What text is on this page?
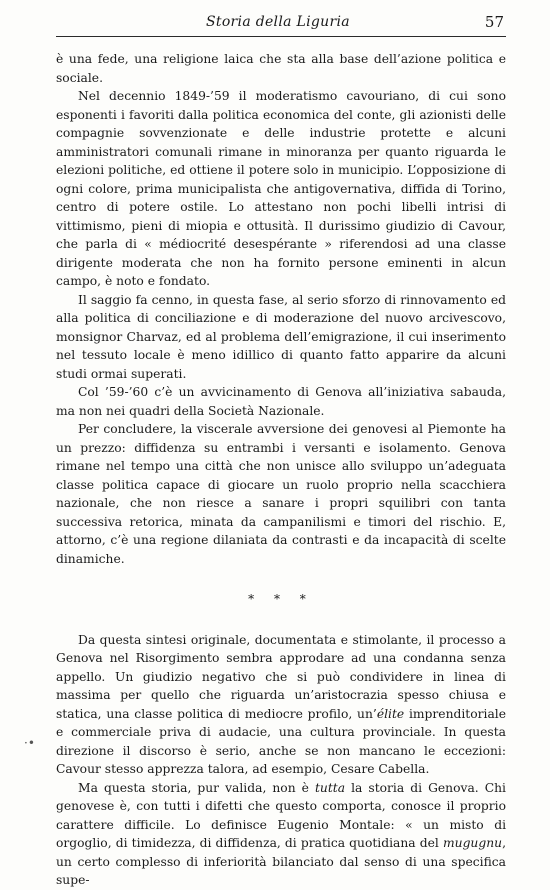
Storia della Liguria	57

è una fede, una religione laica che sta alla base dell’azione politica e sociale.

Nel decennio 1849-’59 il moderatismo cavouriano, di cui sono esponenti i favoriti dalla politica economica del conte, gli azionisti delle compagnie sovvenzionate e delle industrie protette e alcuni amministratori comunali rimane in minoranza per quanto riguarda le elezioni politiche, ed ottiene il potere solo in municipio. L’opposizione di ogni colore, prima municipalista che antigovernativa, diffida di Torino, centro di potere ostile. Lo attestano non pochi libelli intrisi di vittimismo, pieni di miopia e ottusità. Il durissimo giudizio di Cavour, che parla di « médiocrité desespérante » riferendosi ad una classe dirigente moderata che non ha fornito persone eminenti in alcun campo, è noto e fondato.

Il saggio fa cenno, in questa fase, al serio sforzo di rinnovamento ed alla politica di conciliazione e di moderazione del nuovo arcivescovo, monsignor Charvaz, ed al problema dell’emigrazione, il cui inserimento nel tessuto locale è meno idillico di quanto fatto apparire da alcuni studi ormai superati.

Col ’59-’60 c’è un avvicinamento di Genova all’iniziativa sabauda, ma non nei quadri della Società Nazionale.

Per concludere, la viscerale avversione dei genovesi al Piemonte ha un prezzo: diffidenza su entrambi i versanti e isolamento. Genova rimane nel tempo una città che non unisce allo sviluppo un’adeguata classe politica capace di giocare un ruolo proprio nella scacchiera nazionale, che non riesce a sanare i propri squilibri con tanta successiva retorica, minata da campanilismi e timori del rischio. E, attorno, c’è una regione dilaniata da contrasti e da incapacità di scelte dinamiche.

* * *

Da questa sintesi originale, documentata e stimolante, il processo a Genova nel Risorgimento sembra approdare ad una condanna senza appello. Un giudizio negativo che si può condividere in linea di massima per quello che riguarda un’aristocrazia spesso chiusa e statica, una classe politica di mediocre profilo, un’élite imprenditoriale e commerciale priva di audacie, una cultura provinciale. In questa direzione il discorso è serio, anche se non mancano le eccezioni: Cavour stesso apprezza talora, ad esempio, Cesare Cabella.

Ma questa storia, pur valida, non è tutta la storia di Genova. Chi genovese è, con tutti i difetti che questo comporta, conosce il proprio carattere difficile. Lo definisce Eugenio Montale: « un misto di orgoglio, di timidezza, di diffidenza, di pratica quotidiana del mugugnu, un certo complesso di inferiorità bilanciato dal senso di una specifica supe-

·•
